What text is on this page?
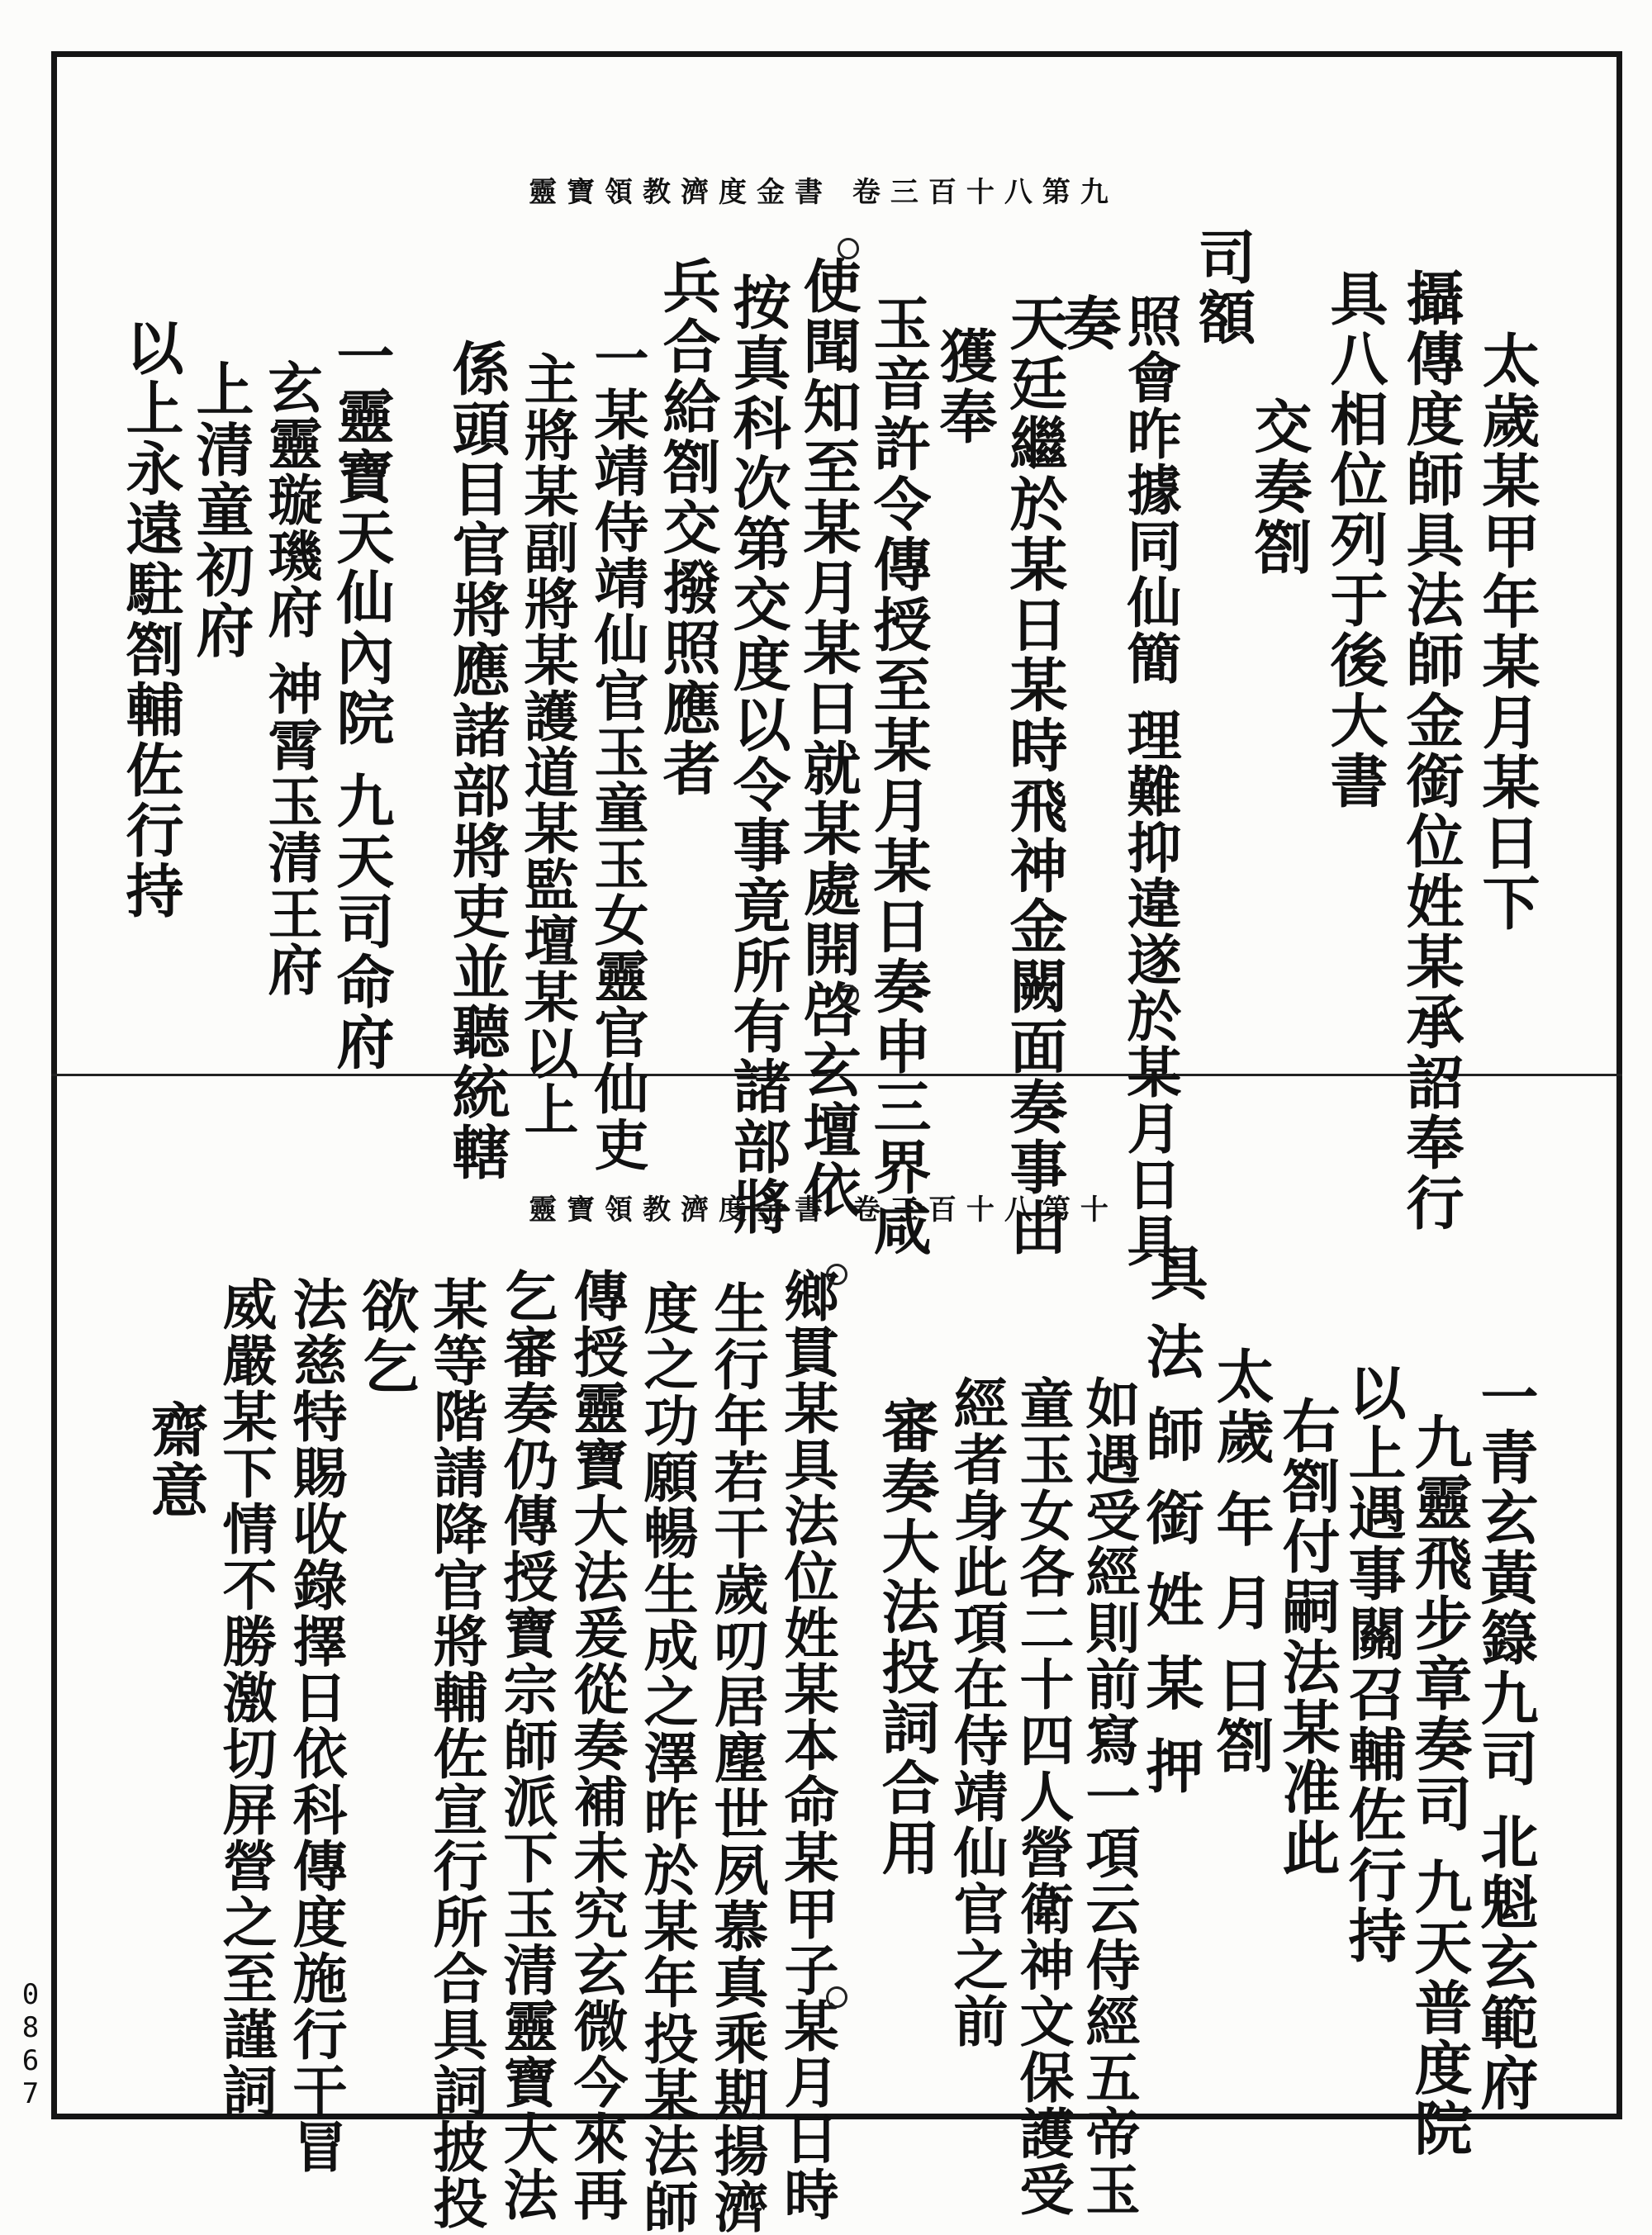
靈寶領教濟度金書 卷三百十八第九
太歲某甲年某月某日下
攝傳度師具法師金銜位姓某承詔奉行
具八相位列于後大書
交奏劄
司額
照會昨據同仙簡 理難抑違遂於某月日具
奏
天廷繼於某日某時飛神金闕面奏事由
獲奉
玉音許令傳授至某月某日奏申三界咸
使聞知至某月某日就某處開啓玄壇依
按真科次第交度以令事竟所有諸部將
兵合給劄交撥照應者
一某靖侍靖仙官玉童玉女靈官仙吏
主將某副將某護道某監壇某以上
係頭目官將應諸部將吏並聽統轄
一靈寶天仙內院 九天司命府
玄靈璇璣府 神霄玉清王府
上清童初府
以上永遠駐劄輔佐行持
靈寶領教濟度金書 卷三百十八第十
一青玄黃籙九司 北魁玄範府
九靈飛步章奏司 九天普度院
以上遇事關召輔佐行持
右劄付嗣法某准此
太歲 年 月 日劄
具
法 師 銜 姓 某 押
如遇受經則前寫一項云侍經五帝玉
童玉女各二十四人營衛神文保護受
經者身此項在侍靖仙官之前
審奏大法投詞合用
鄉貫某具法位姓某本命某甲子某月日時
生行年若干歲叨居塵世夙慕真乘期揚濟
度之功願暢生成之澤昨於某年投某法師
傳授靈寶大法爰從奏補未究玄微今來再
乞審奏仍傳授寶宗師派下玉清靈寶大法
某等階請降官將輔佐宣行所合具詞披投
欲乞
法慈特賜收錄擇日依科傳度施行干冒
威嚴某下情不勝激切屏營之至謹詞
齋意
0867
